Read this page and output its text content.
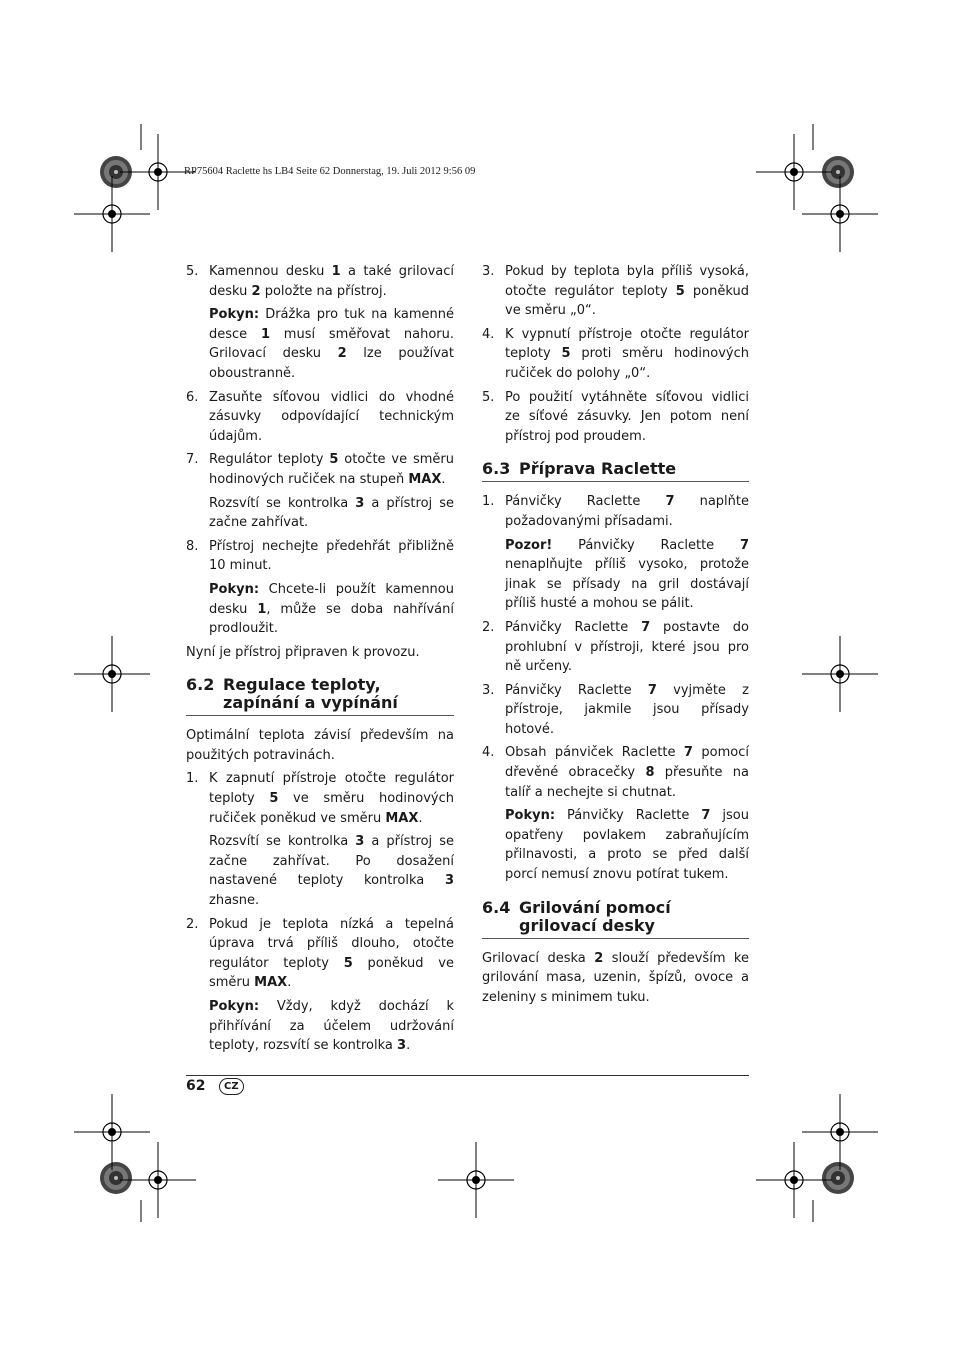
RP75604 Raclette hs LB4 Seite 62 Donnerstag, 19. Juli 2012 9:56 09
5. Kamennou desku 1 a také grilovací desku 2 položte na přístroj.
Pokyn: Drážka pro tuk na kamenné desce 1 musí směřovat nahoru. Grilovací desku 2 lze používat oboustranně.
6. Zasuňte síťovou vidlici do vhodné zásuvky odpovídající technickým údajům.
7. Regulátor teploty 5 otočte ve směru hodinových ručiček na stupeň MAX.
Rozsvítí se kontrolka 3 a přístroj se začne zahřívat.
8. Přístroj nechejte předehřát přibližně 10 minut.
Pokyn: Chcete-li použít kamennou desku 1, může se doba nahřívání prodloužit.

Nyní je přístroj připraven k provozu.

6.2 Regulace teploty, zapínání a vypínání

Optimální teplota závisí především na použitých potravinách.

1. K zapnutí přístroje otočte regulátor teploty 5 ve směru hodinových ručiček poněkud ve směru MAX.
Rozsvítí se kontrolka 3 a přístroj se začne zahřívat. Po dosažení nastavené teploty kontrolka 3 zhasne.
2. Pokud je teplota nízká a tepelná úprava trvá příliš dlouho, otočte regulátor teploty 5 poněkud ve směru MAX.
Pokyn: Vždy, když dochází k přihřívání za účelem udržování teploty, rozsvítí se kontrolka 3.
3. Pokud by teplota byla příliš vysoká, otočte regulátor teploty 5 poněkud ve směru „0“.
4. K vypnutí přístroje otočte regulátor teploty 5 proti směru hodinových ručiček do polohy „0“.
5. Po použití vytáhněte síťovou vidlici ze síťové zásuvky. Jen potom není přístroj pod proudem.
6.3 Příprava Raclette
1. Pánvičky Raclette 7 naplňte požadovanými přísadami.
Pozor! Pánvičky Raclette 7 nenaplňujte příliš vysoko, protože jinak se přísady na gril dostávají příliš husté a mohou se pálit.
2. Pánvičky Raclette 7 postavte do prohlubní v přístroji, které jsou pro ně určeny.
3. Pánvičky Raclette 7 vyjměte z přístroje, jakmile jsou přísady hotové.
4. Obsah pánviček Raclette 7 pomocí dřevěné obracečky 8 přesuňte na talíř a nechejte si chutnat.
Pokyn: Pánvičky Raclette 7 jsou opatřeny povlakem zabraňujícím přilnavosti, a proto se před další porcí nemusí znovu potírat tukem.
6.4 Grilování pomocí grilovací desky

Grilovací deska 2 slouží především ke grilování masa, uzenin, špízů, ovoce a zeleniny s minimem tuku.

62	CZ
